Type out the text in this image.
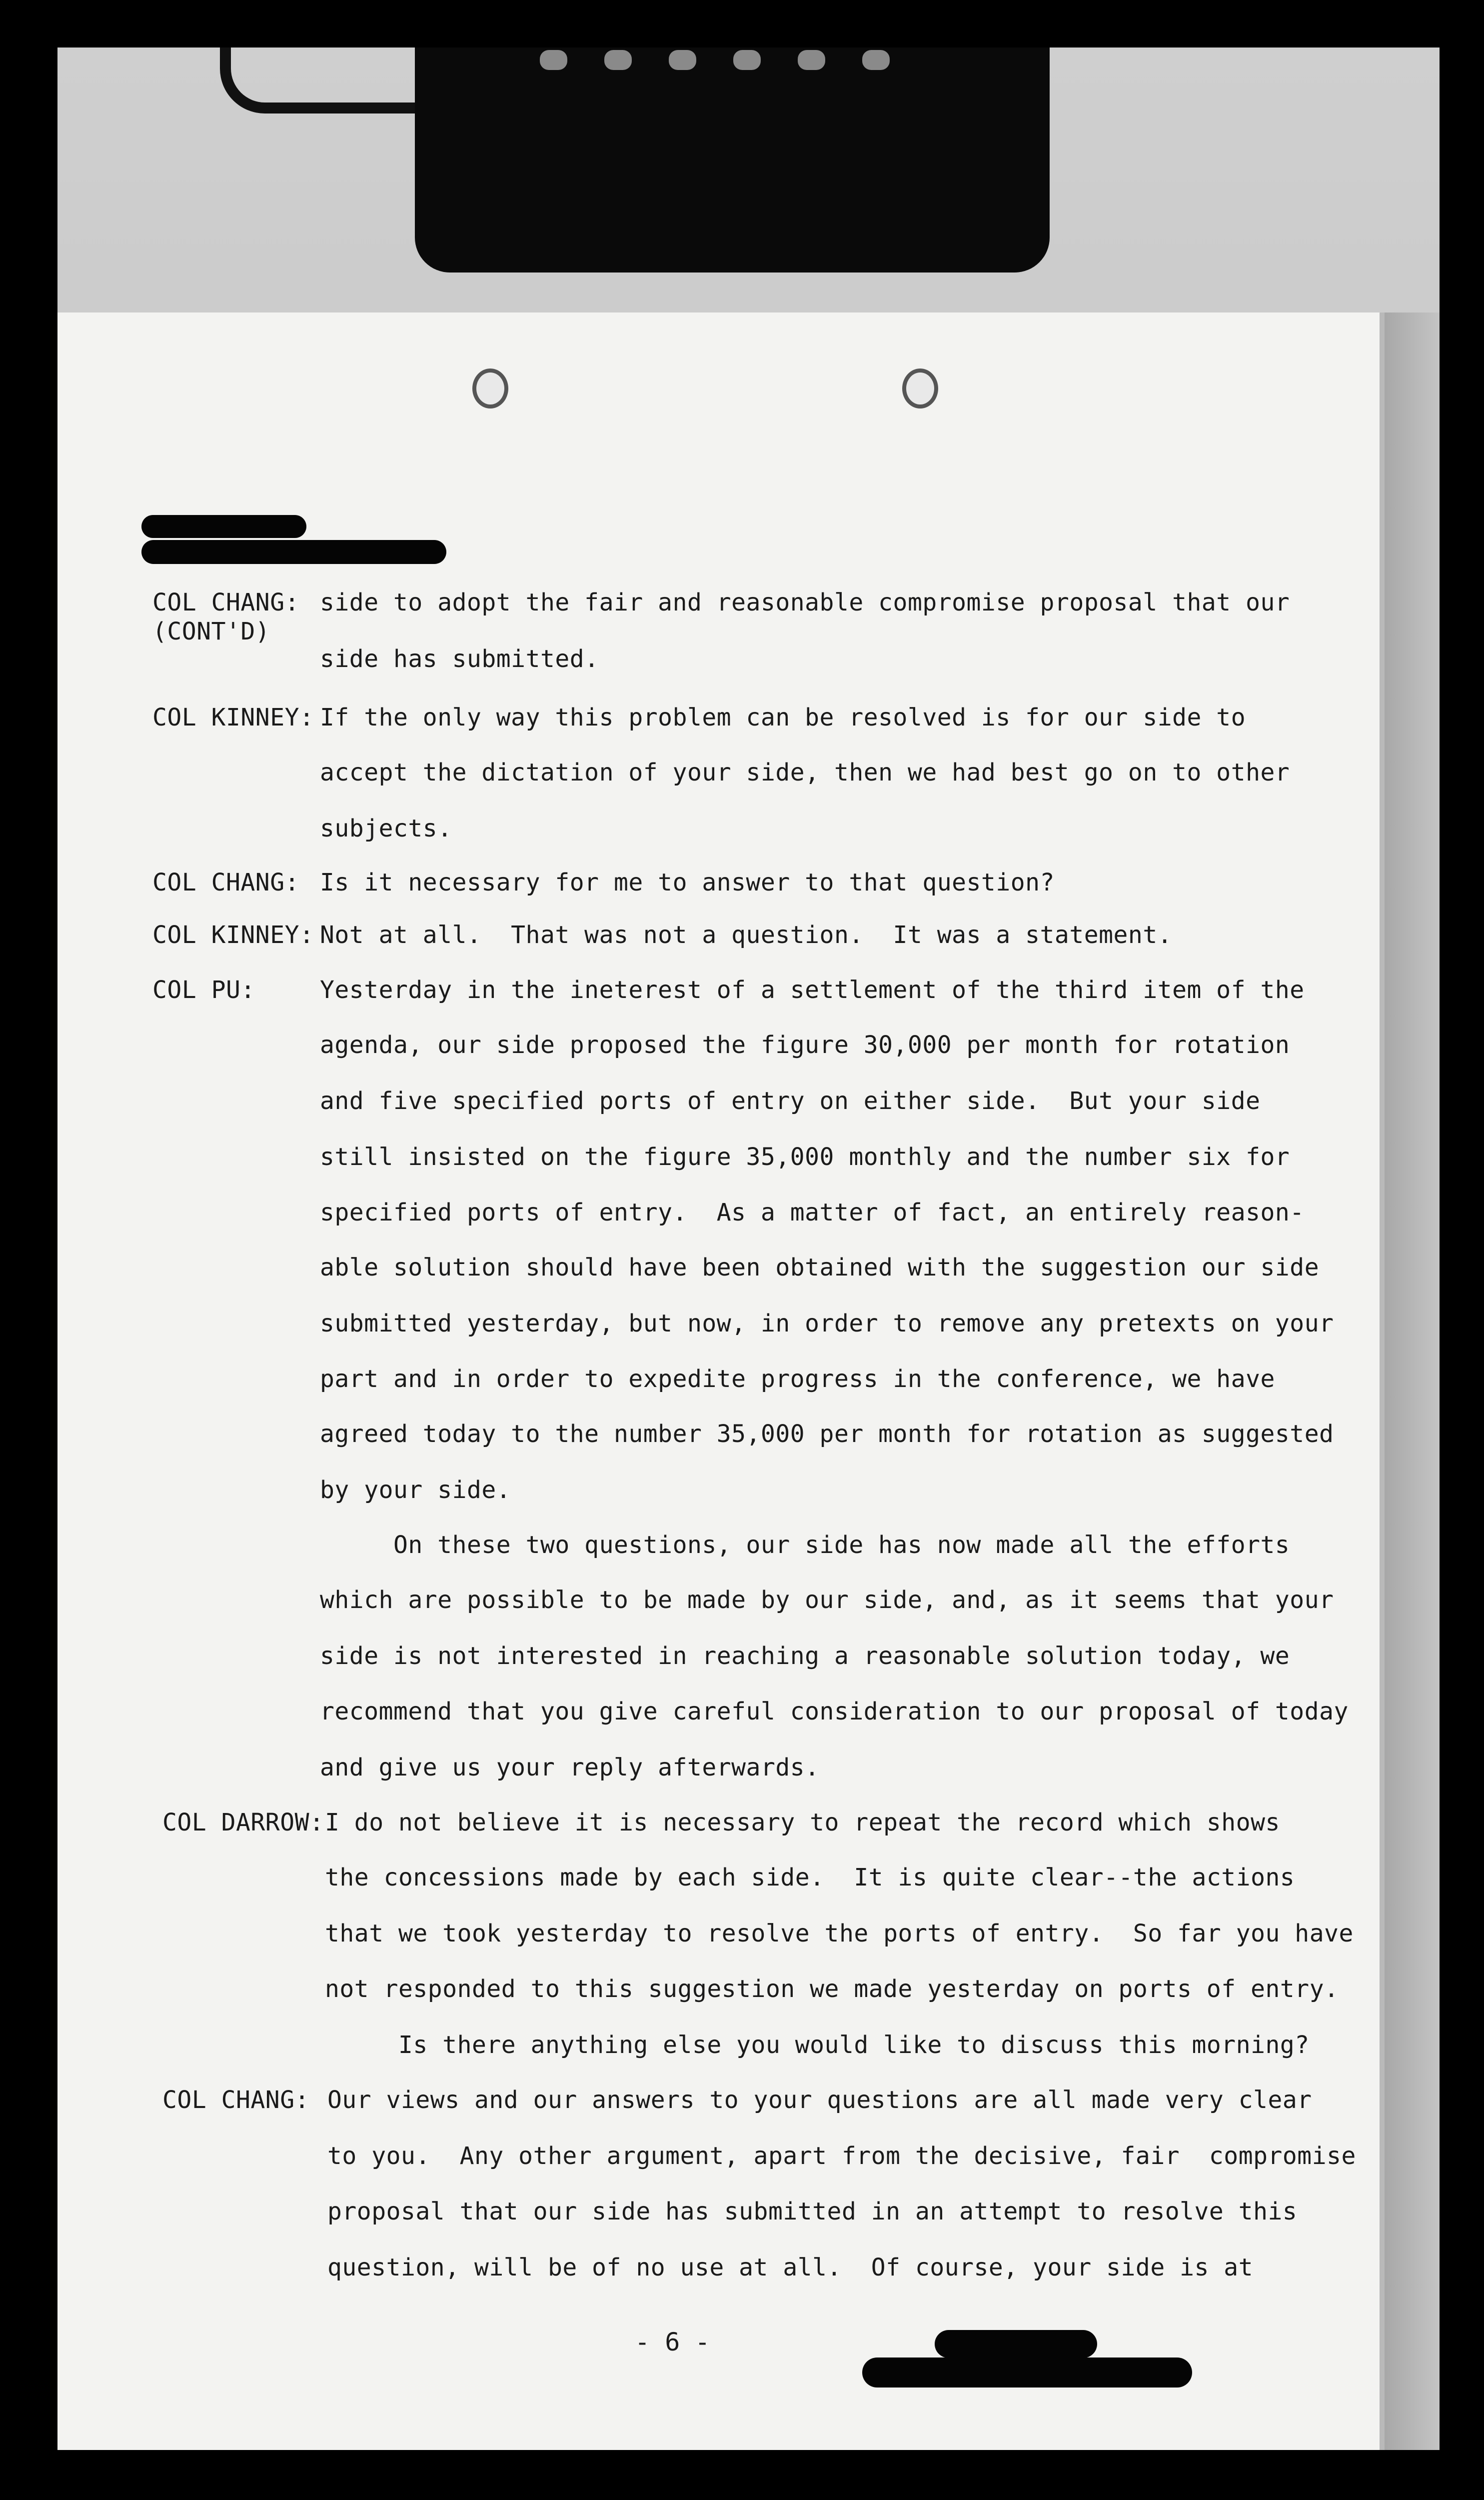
COL CHANG: side to adopt the fair and reasonable compromise proposal that our
(CONT'D)
side has submitted.
COL KINNEY: If the only way this problem can be resolved is for our side to
accept the dictation of your side, then we had best go on to other
subjects.
COL CHANG: Is it necessary for me to answer to that question?
COL KINNEY: Not at all.  That was not a question.  It was a statement.
COL PU:	Yesterday in the ineterest of a settlement of the third item of the
agenda, our side proposed the figure 30,000 per month for rotation
and five specified ports of entry on either side.  But your side
still insisted on the figure 35,000 monthly and the number six for
specified ports of entry.  As a matter of fact, an entirely reason-
able solution should have been obtained with the suggestion our side
submitted yesterday, but now, in order to remove any pretexts on your
part and in order to expedite progress in the conference, we have
agreed today to the number 35,000 per month for rotation as suggested
by your side.
On these two questions, our side has now made all the efforts
which are possible to be made by our side, and, as it seems that your
side is not interested in reaching a reasonable solution today, we
recommend that you give careful consideration to our proposal of today
and give us your reply afterwards.
COL DARROW: I do not believe it is necessary to repeat the record which shows
the concessions made by each side.  It is quite clear--the actions
that we took yesterday to resolve the ports of entry.  So far you have
not responded to this suggestion we made yesterday on ports of entry.
Is there anything else you would like to discuss this morning?
COL CHANG: Our views and our answers to your questions are all made very clear
to you.  Any other argument, apart from the decisive, fair  compromise
proposal that our side has submitted in an attempt to resolve this
question, will be of no use at all.  Of course, your side is at
- 6 -
